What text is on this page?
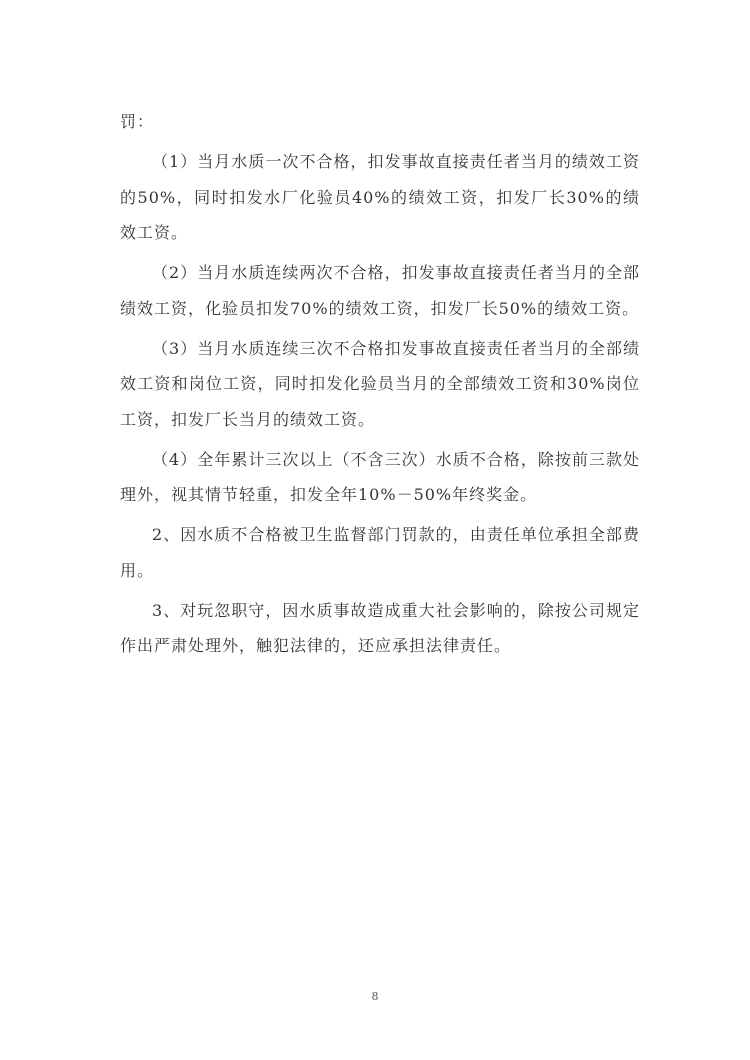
罚：

（1）当月水质一次不合格，扣发事故直接责任者当月的绩效工资的50%，同时扣发水厂化验员40%的绩效工资，扣发厂长30%的绩效工资。

（2）当月水质连续两次不合格，扣发事故直接责任者当月的全部绩效工资，化验员扣发70%的绩效工资，扣发厂长50%的绩效工资。

（3）当月水质连续三次不合格扣发事故直接责任者当月的全部绩效工资和岗位工资，同时扣发化验员当月的全部绩效工资和30%岗位工资，扣发厂长当月的绩效工资。

（4）全年累计三次以上（不含三次）水质不合格，除按前三款处理外，视其情节轻重，扣发全年10%－50%年终奖金。

2、因水质不合格被卫生监督部门罚款的，由责任单位承担全部费用。

3、对玩忽职守，因水质事故造成重大社会影响的，除按公司规定作出严肃处理外，触犯法律的，还应承担法律责任。

8
